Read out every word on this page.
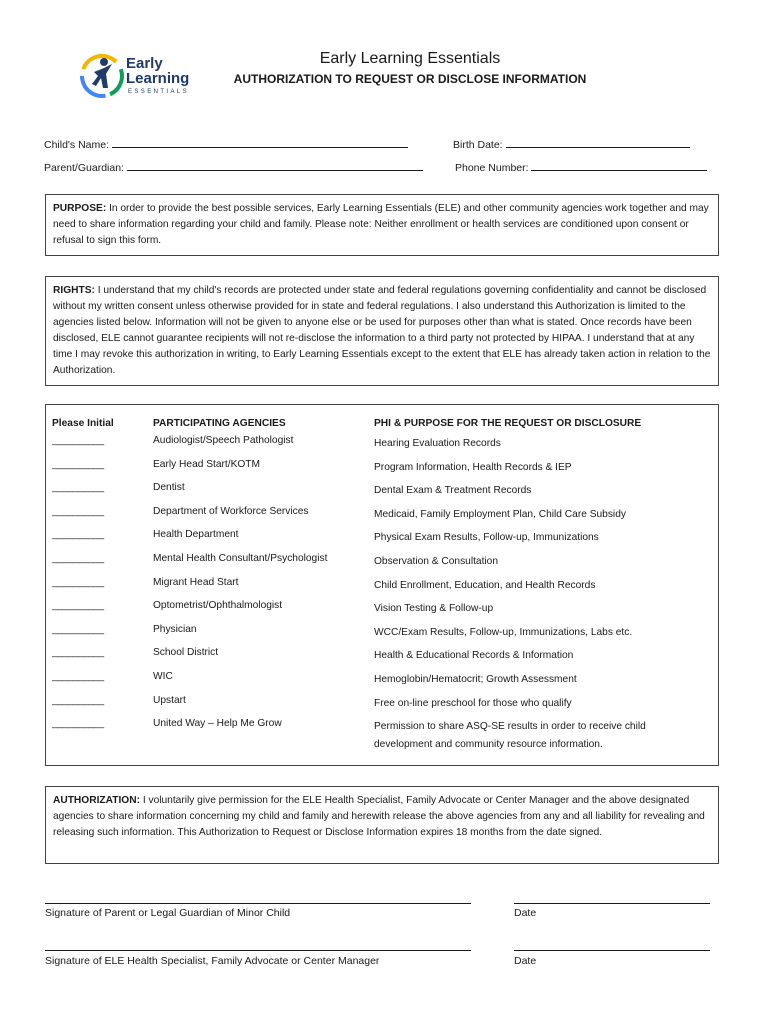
Early
Learning
ESSENTIALS
Early Learning Essentials
AUTHORIZATION TO REQUEST OR DISCLOSE INFORMATION
Child's Name:	Birth Date:
Parent/Guardian:	Phone Number:
PURPOSE: In order to provide the best possible services, Early Learning Essentials (ELE) and other community agencies work together and may need to share information regarding your child and family. Please note: Neither enrollment or health services are conditioned upon consent or refusal to sign this form.
RIGHTS: I understand that my child's records are protected under state and federal regulations governing confidentiality and cannot be disclosed without my written consent unless otherwise provided for in state and federal regulations. I also understand this Authorization is limited to the agencies listed below. Information will not be given to anyone else or be used for purposes other than what is stated. Once records have been disclosed, ELE cannot guarantee recipients will not re-disclose the information to a third party not protected by HIPAA. I understand that at any time I may revoke this authorization in writing, to Early Learning Essentials except to the extent that ELE has already taken action in relation to the Authorization.
Please Initial	PARTICIPATING AGENCIES	PHI & PURPOSE FOR THE REQUEST OR DISCLOSURE
__________	Audiologist/Speech Pathologist	Hearing Evaluation Records
__________	Early Head Start/KOTM	Program Information, Health Records & IEP
__________	Dentist	Dental Exam & Treatment Records
__________	Department of Workforce Services	Medicaid, Family Employment Plan, Child Care Subsidy
__________	Health Department	Physical Exam Results, Follow-up, Immunizations
__________	Mental Health Consultant/Psychologist	Observation & Consultation
__________	Migrant Head Start	Child Enrollment, Education, and Health Records
__________	Optometrist/Ophthalmologist	Vision Testing & Follow-up
__________	Physician	WCC/Exam Results, Follow-up, Immunizations, Labs etc.
__________	School District	Health & Educational Records & Information
__________	WIC	Hemoglobin/Hematocrit; Growth Assessment
__________	Upstart	Free on-line preschool for those who qualify
__________	United Way – Help Me Grow	Permission to share ASQ-SE results in order to receive child development and community resource information.
AUTHORIZATION: I voluntarily give permission for the ELE Health Specialist, Family Advocate or Center Manager and the above designated agencies to share information concerning my child and family and herewith release the above agencies from any and all liability for revealing and releasing such information. This Authorization to Request or Disclose Information expires 18 months from the date signed.
Signature of Parent or Legal Guardian of Minor Child	Date
Signature of ELE Health Specialist, Family Advocate or Center Manager	Date
